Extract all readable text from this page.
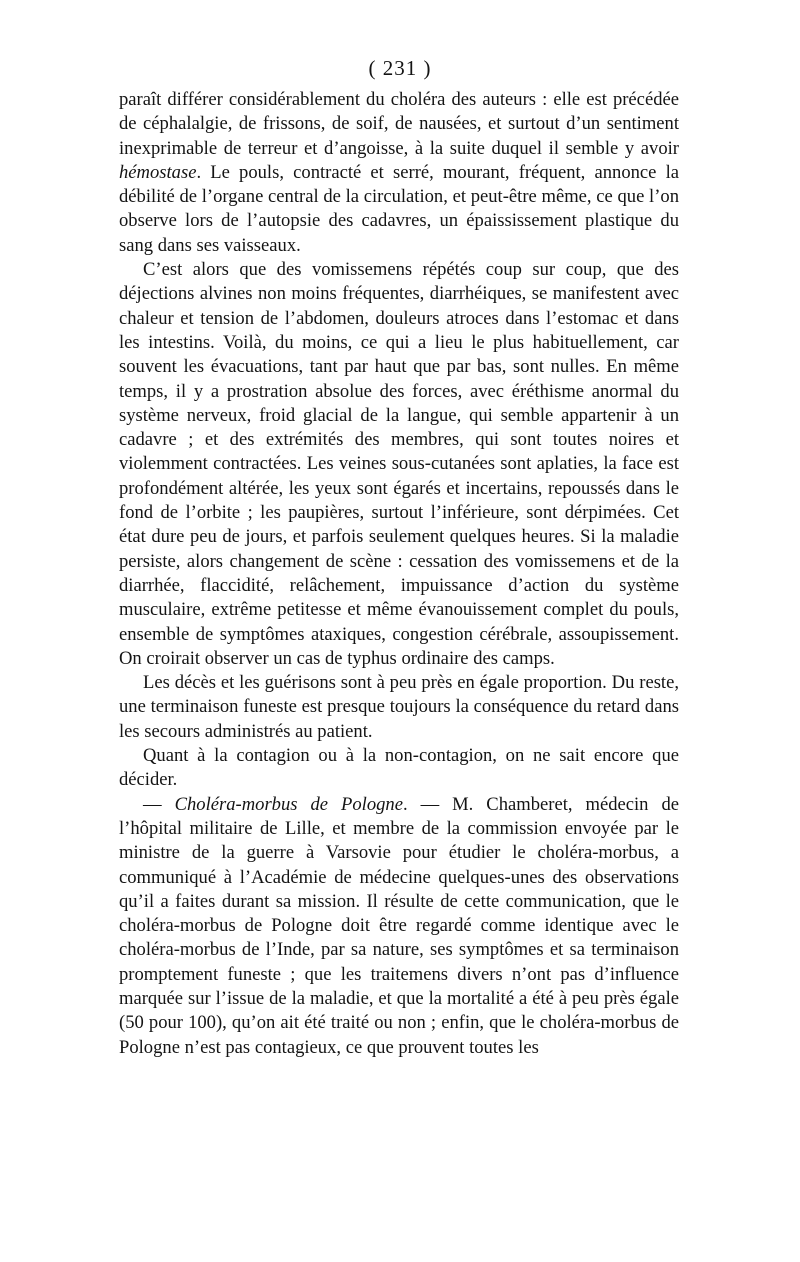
( 231 )

paraît différer considérablement du choléra des auteurs : elle est précédée de céphalalgie, de frissons, de soif, de nausées, et surtout d’un sentiment inexprimable de terreur et d’angoisse, à la suite duquel il semble y avoir hémostase. Le pouls, contracté et serré, mourant, fréquent, annonce la débilité de l’organe central de la circulation, et peut-être même, ce que l’on observe lors de l’autopsie des cadavres, un épaississement plastique du sang dans ses vaisseaux.

C’est alors que des vomissemens répétés coup sur coup, que des déjections alvines non moins fréquentes, diarrhéiques, se manifestent avec chaleur et tension de l’abdomen, douleurs atroces dans l’estomac et dans les intestins. Voilà, du moins, ce qui a lieu le plus habituellement, car souvent les évacuations, tant par haut que par bas, sont nulles. En même temps, il y a prostration absolue des forces, avec éréthisme anormal du système nerveux, froid glacial de la langue, qui semble appartenir à un cadavre ; et des extrémités des membres, qui sont toutes noires et violemment contractées. Les veines sous-cutanées sont aplaties, la face est profondément altérée, les yeux sont égarés et incertains, repoussés dans le fond de l’orbite ; les paupières, surtout l’inférieure, sont dérpimées. Cet état dure peu de jours, et parfois seulement quelques heures. Si la maladie persiste, alors changement de scène : cessation des vomissemens et de la diarrhée, flaccidité, relâchement, impuissance d’action du système musculaire, extrême petitesse et même évanouissement complet du pouls, ensemble de symptômes ataxiques, congestion cérébrale, assoupissement. On croirait observer un cas de typhus ordinaire des camps.

Les décès et les guérisons sont à peu près en égale proportion. Du reste, une terminaison funeste est presque toujours la conséquence du retard dans les secours administrés au patient.

Quant à la contagion ou à la non-contagion, on ne sait encore que décider.

— Choléra-morbus de Pologne. — M. Chamberet, médecin de l’hôpital militaire de Lille, et membre de la commission envoyée par le ministre de la guerre à Varsovie pour étudier le choléra-morbus, a communiqué à l’Académie de médecine quelques-unes des observations qu’il a faites durant sa mission. Il résulte de cette communication, que le choléra-morbus de Pologne doit être regardé comme identique avec le choléra-morbus de l’Inde, par sa nature, ses symptômes et sa terminaison promptement funeste ; que les traitemens divers n’ont pas d’influence marquée sur l’issue de la maladie, et que la mortalité a été à peu près égale (50 pour 100), qu’on ait été traité ou non ; enfin, que le choléra-morbus de Pologne n’est pas contagieux, ce que prouvent toutes les
